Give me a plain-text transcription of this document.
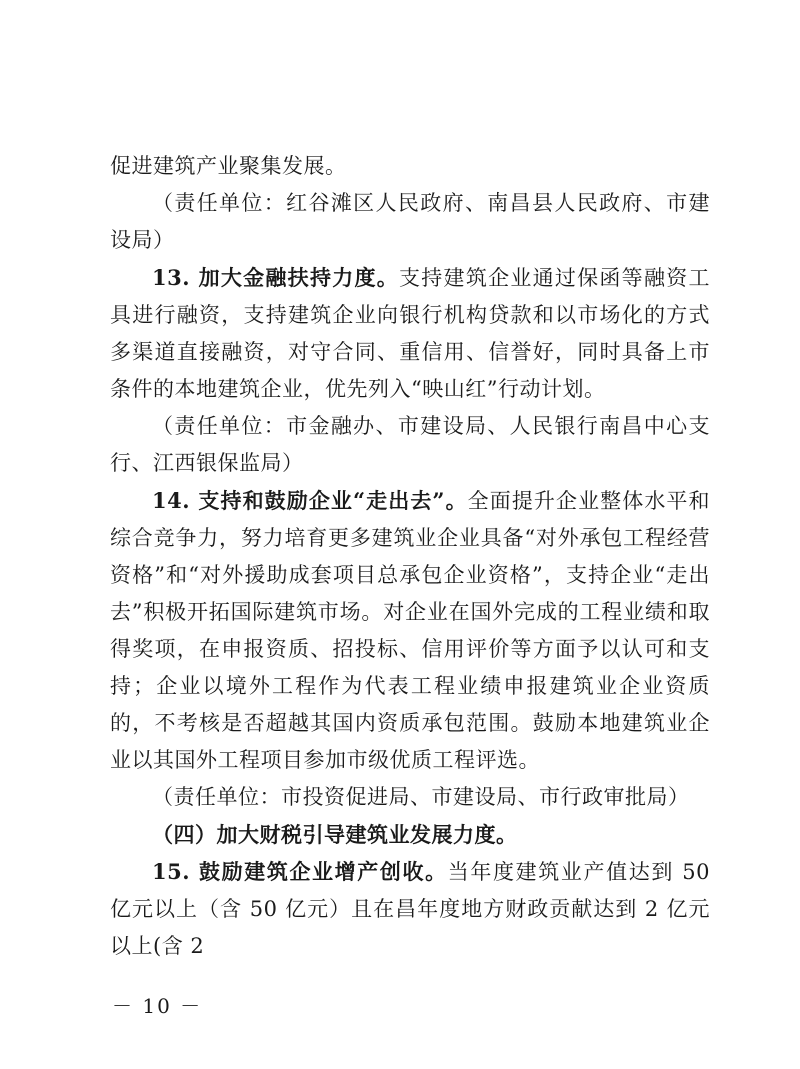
促进建筑产业聚集发展。

（责任单位：红谷滩区人民政府、南昌县人民政府、市建设局）

13. 加大金融扶持力度。支持建筑企业通过保函等融资工具进行融资，支持建筑企业向银行机构贷款和以市场化的方式多渠道直接融资，对守合同、重信用、信誉好，同时具备上市条件的本地建筑企业，优先列入“映山红”行动计划。

（责任单位：市金融办、市建设局、人民银行南昌中心支行、江西银保监局）

14. 支持和鼓励企业“走出去”。全面提升企业整体水平和综合竞争力，努力培育更多建筑业企业具备“对外承包工程经营资格”和“对外援助成套项目总承包企业资格”，支持企业“走出去”积极开拓国际建筑市场。对企业在国外完成的工程业绩和取得奖项，在申报资质、招投标、信用评价等方面予以认可和支持；企业以境外工程作为代表工程业绩申报建筑业企业资质的，不考核是否超越其国内资质承包范围。鼓励本地建筑业企业以其国外工程项目参加市级优质工程评选。

（责任单位：市投资促进局、市建设局、市行政审批局）

（四）加大财税引导建筑业发展力度。

15. 鼓励建筑企业增产创收。当年度建筑业产值达到 50 亿元以上（含 50 亿元）且在昌年度地方财政贡献达到 2 亿元以上(含 2

－ 10 －
